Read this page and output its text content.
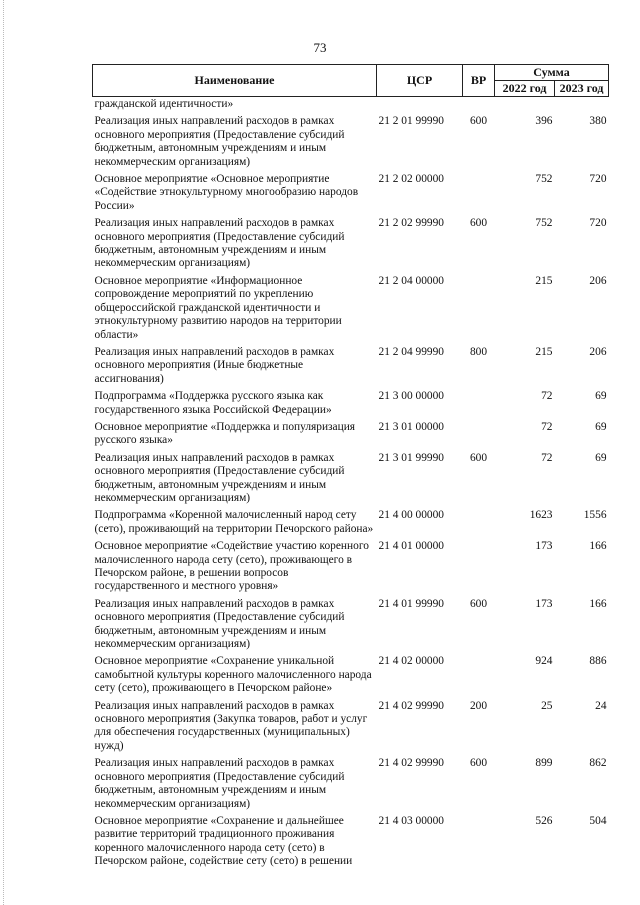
73
Наименование	ЦСР	ВР	Сумма	
			2022 год	2023 год
гражданской идентичности»				
Реализация иных направлений расходов в рамках основного мероприятия (Предоставление субсидий бюджетным, автономным учреждениям и иным некоммерческим организациям)	21 2 01 99990	600	396	380
Основное мероприятие «Основное мероприятие «Содействие этнокультурному многообразию народов России»	21 2 02 00000		752	720
Реализация иных направлений расходов в рамках основного мероприятия (Предоставление субсидий бюджетным, автономным учреждениям и иным некоммерческим организациям)	21 2 02 99990	600	752	720
Основное мероприятие «Информационное сопровождение мероприятий по укреплению общероссийской гражданской идентичности и этнокультурному развитию народов на территории области»	21 2 04 00000		215	206
Реализация иных направлений расходов в рамках основного мероприятия (Иные бюджетные ассигнования)	21 2 04 99990	800	215	206
Подпрограмма «Поддержка русского языка как государственного языка Российской Федерации»	21 3 00 00000		72	69
Основное мероприятие «Поддержка и популяризация русского языка»	21 3 01 00000		72	69
Реализация иных направлений расходов в рамках основного мероприятия (Предоставление субсидий бюджетным, автономным учреждениям и иным некоммерческим организациям)	21 3 01 99990	600	72	69
Подпрограмма «Коренной малочисленный народ сету (сето), проживающий на территории Печорского района»	21 4 00 00000		1623	1556
Основное мероприятие «Содействие участию коренного малочисленного народа сету (сето), проживающего в Печорском районе, в решении вопросов государственного и местного уровня»	21 4 01 00000		173	166
Реализация иных направлений расходов в рамках основного мероприятия (Предоставление субсидий бюджетным, автономным учреждениям и иным некоммерческим организациям)	21 4 01 99990	600	173	166
Основное мероприятие «Сохранение уникальной самобытной культуры коренного малочисленного народа сету (сето), проживающего в Печорском районе»	21 4 02 00000		924	886
Реализация иных направлений расходов в рамках основного мероприятия (Закупка товаров, работ и услуг для обеспечения государственных (муниципальных) нужд)	21 4 02 99990	200	25	24
Реализация иных направлений расходов в рамках основного мероприятия (Предоставление субсидий бюджетным, автономным учреждениям и иным некоммерческим организациям)	21 4 02 99990	600	899	862
Основное мероприятие «Сохранение и дальнейшее развитие территорий традиционного проживания коренного малочисленного народа сету (сето) в Печорском районе, содействие сету (сето) в решении	21 4 03 00000		526	504
